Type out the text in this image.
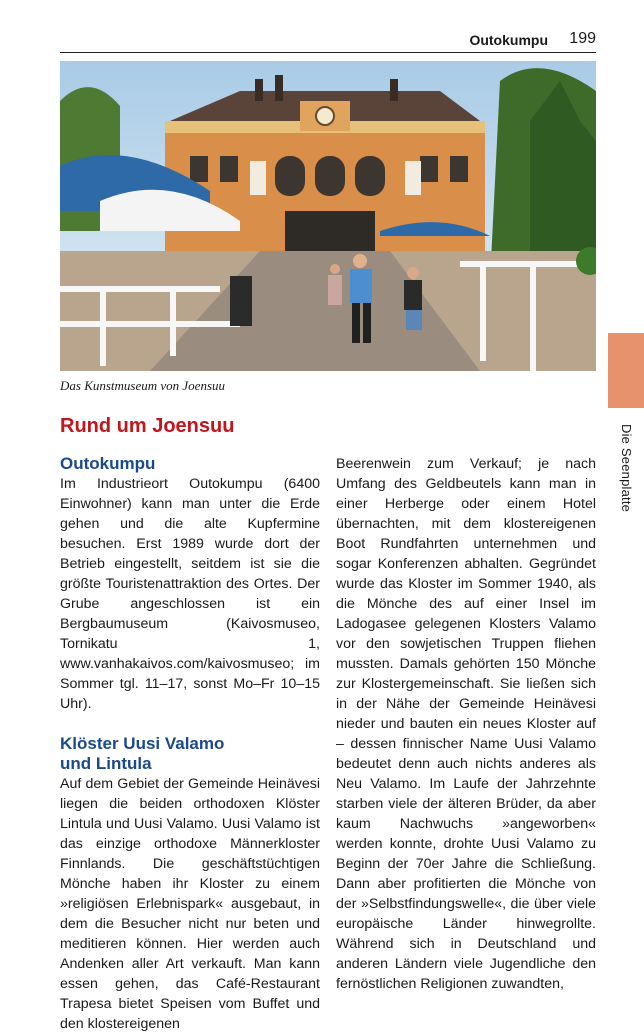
Outokumpu 199
Das Kunstmuseum von Joensuu
Die Seenplatte
Rund um Joensuu
Outokumpu

Im Industrieort Outokumpu (6400 Einwohner) kann man unter die Erde gehen und die alte Kupfermine besuchen. Erst 1989 wurde dort der Betrieb eingestellt, seitdem ist sie die größte Touristenattraktion des Ortes. Der Grube angeschlossen ist ein Bergbaumuseum (Kaivosmuseo, Tornikatu 1, www.vanhakaivos.com/kaivosmuseo; im Sommer tgl. 11–17, sonst Mo–Fr 10–15 Uhr).

Klöster Uusi Valamo
und Lintula

Auf dem Gebiet der Gemeinde Heinävesi liegen die beiden orthodoxen Klöster Lintula und Uusi Valamo. Uusi Valamo ist das einzige orthodoxe Männerkloster Finnlands. Die geschäftstüchtigen Mönche haben ihr Kloster zu einem »religiösen Erlebnispark« ausgebaut, in dem die Besucher nicht nur beten und meditieren können. Hier werden auch Andenken aller Art verkauft. Man kann essen gehen, das Café-Restaurant Trapesa bietet Speisen vom Buffet und den klostereigenen

Beerenwein zum Verkauf; je nach Umfang des Geldbeutels kann man in einer Herberge oder einem Hotel übernachten, mit dem klostereigenen Boot Rundfahrten unternehmen und sogar Konferenzen abhalten. Gegründet wurde das Kloster im Sommer 1940, als die Mönche des auf einer Insel im Ladogasee gelegenen Klosters Valamo vor den sowjetischen Truppen fliehen mussten. Damals gehörten 150 Mönche zur Klostergemeinschaft. Sie ließen sich in der Nähe der Gemeinde Heinävesi nieder und bauten ein neues Kloster auf – dessen finnischer Name Uusi Valamo bedeutet denn auch nichts anderes als Neu Valamo. Im Laufe der Jahrzehnte starben viele der älteren Brüder, da aber kaum Nachwuchs »angeworben« werden konnte, drohte Uusi Valamo zu Beginn der 70er Jahre die Schließung. Dann aber profitierten die Mönche von der »Selbstfindungswelle«, die über viele europäische Länder hinwegrollte. Während sich in Deutschland und anderen Ländern viele Jugendliche den fernöstlichen Religionen zuwandten,
